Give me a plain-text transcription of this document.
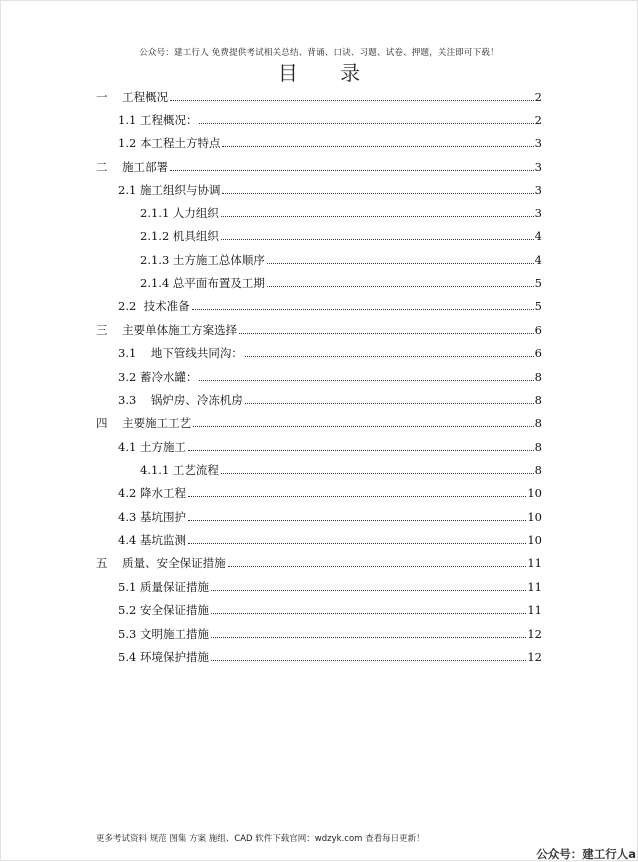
公众号：建工行人 免费提供考试相关总结、背诵、口诀、习题、试卷、押题，关注即可下载！
目 录
一    工程概况	2
1.1 工程概况：	2
1.2 本工程土方特点	3
二    施工部署	3
2.1 施工组织与协调	3
2.1.1 人力组织	3
2.1.2 机具组织	4
2.1.3 土方施工总体顺序	4
2.1.4 总平面布置及工期	5
2.2  技术准备	5
三    主要单体施工方案选择	6
3.1    地下管线共同沟：	6
3.2 蓄冷水罐：	8
3.3    锅炉房、冷冻机房	8
四    主要施工工艺	8
4.1 土方施工	8
4.1.1 工艺流程	8
4.2 降水工程	10
4.3 基坑围护	10
4.4 基坑监测	10
五    质量、安全保证措施	11
5.1 质量保证措施	11
5.2 安全保证措施	11
5.3 文明施工措施	12
5.4 环境保护措施	12
更多考试资料 规范 图集 方案 施组、CAD 软件下载官网：wdzyk.com 查看每日更新！
公众号：建工行人a
